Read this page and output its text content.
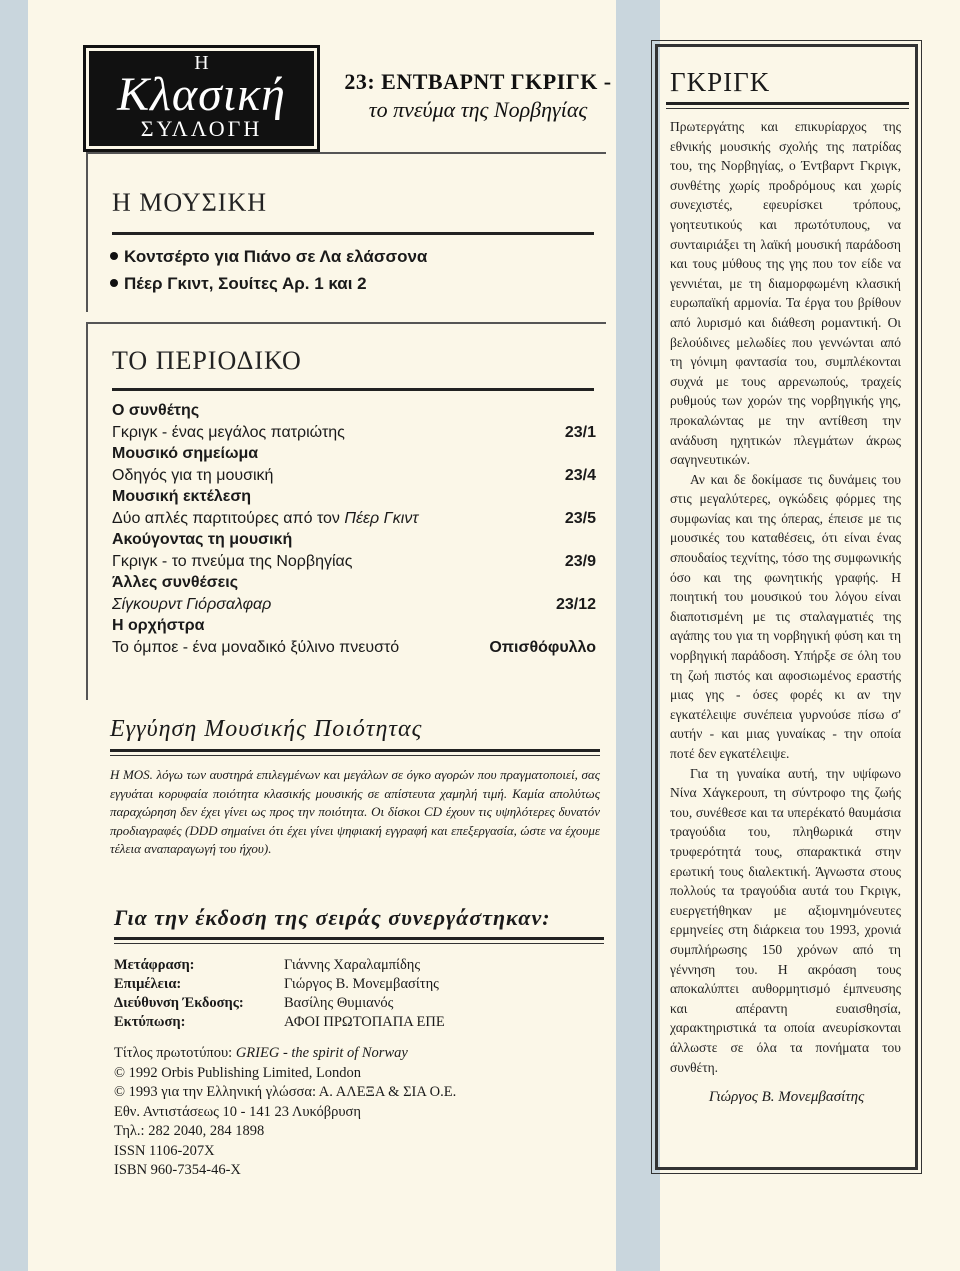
Η
Κλασική
ΣΥΛΛΟΓΗ
23: ΕΝΤΒΑΡΝΤ ΓΚΡΙΓΚ -
το πνεύμα της Νορβηγίας
Η ΜΟΥΣΙΚΗ
Κοντσέρτο για Πιάνο σε Λα ελάσσονα
Πέερ Γκιντ, Σουίτες Αρ. 1 και 2
ΤΟ ΠΕΡΙΟΔΙΚΟ
Ο συνθέτης
Γκριγκ - ένας μεγάλος πατριώτης	23/1
Μουσικό σημείωμα
Οδηγός για τη μουσική	23/4
Μουσική εκτέλεση
Δύο απλές παρτιτούρες από τον Πέερ Γκιντ	23/5
Ακούγοντας τη μουσική
Γκριγκ - το πνεύμα της Νορβηγίας	23/9
Άλλες συνθέσεις
Σίγκουρντ Γιόρσαλφαρ	23/12
Η ορχήστρα
Το όμποε - ένα μοναδικό ξύλινο πνευστό	Οπισθόφυλλο
Εγγύηση Μουσικής Ποιότητας

Η MOS. λόγω των αυστηρά επιλεγμένων και μεγάλων σε όγκο αγορών που πραγματοποιεί, σας εγγυάται κορυφαία ποιότητα κλασικής μουσικής σε απίστευτα χαμηλή τιμή. Καμία απολύτως παραχώρηση δεν έχει γίνει ως προς την ποιότητα. Οι δίσκοι CD έχουν τις υψηλότερες δυνατόν προδιαγραφές (DDD σημαίνει ότι έχει γίνει ψηφιακή εγγραφή και επεξεργασία, ώστε να έχουμε τέλεια αναπαραγωγή του ήχου).

Για την έκδοση της σειράς συνεργάστηκαν:
Μετάφραση:	Γιάννης Χαραλαμπίδης
Επιμέλεια:	Γιώργος Β. Μονεμβασίτης
Διεύθυνση Έκδοσης:	Βασίλης Θυμιανός
Εκτύπωση:	ΑΦΟΙ ΠΡΩΤΟΠΑΠΑ ΕΠΕ
Τίτλος πρωτοτύπου: GRIEG - the spirit of Norway
© 1992 Orbis Publishing Limited, London
© 1993 για την Ελληνική γλώσσα: Α. ΑΛΕΞΑ & ΣΙΑ Ο.Ε.
Εθν. Αντιστάσεως 10 - 141 23 Λυκόβρυση
Τηλ.: 282 2040, 284 1898
ISSN 1106-207X
ISBN 960-7354-46-X
ΓΚΡΙΓΚ

Πρωτεργάτης και επικυρίαρχος της εθνικής μουσικής σχολής της πατρίδας του, της Νορβηγίας, ο Έντβαρντ Γκριγκ, συνθέτης χωρίς προδρόμους και χωρίς συνεχιστές, εφευρίσκει τρόπους, γοητευτικούς και πρωτότυπους, να συνταιριάξει τη λαϊκή μουσική παράδοση και τους μύθους της γης που τον είδε να γεννιέται, με τη διαμορφωμένη κλασική ευρωπαϊκή αρμονία. Τα έργα του βρίθουν από λυρισμό και διάθεση ρομαντική. Οι βελούδινες μελωδίες που γεννώνται από τη γόνιμη φαντασία του, συμπλέκονται συχνά με τους αρρενωπούς, τραχείς ρυθμούς των χορών της νορβηγικής γης, προκαλώντας με την αντίθεση την ανάδυση ηχητικών πλεγμάτων άκρως σαγηνευτικών.

Αν και δε δοκίμασε τις δυνάμεις του στις μεγαλύτερες, ογκώδεις φόρμες της συμφωνίας και της όπερας, έπεισε με τις μουσικές του καταθέσεις, ότι είναι ένας σπουδαίος τεχνίτης, τόσο της συμφωνικής όσο και της φωνητικής γραφής. Η ποιητική του μουσικού του λόγου είναι διαποτισμένη με τις σταλαγματιές της αγάπης του για τη νορβηγική φύση και τη νορβηγική παράδοση. Υπήρξε σε όλη του τη ζωή πιστός και αφοσιωμένος εραστής μιας γης - όσες φορές κι αν την εγκατέλειψε συνέπεια γυρνούσε πίσω σ' αυτήν - και μιας γυναίκας - την οποία ποτέ δεν εγκατέλειψε.

Για τη γυναίκα αυτή, την υψίφωνο Νίνα Χάγκερουπ, τη σύντροφο της ζωής του, συνέθεσε και τα υπερέκατό θαυμάσια τραγούδια του, πληθωρικά στην τρυφερότητά τους, σπαρακτικά στην ερωτική τους διαλεκτική. Άγνωστα στους πολλούς τα τραγούδια αυτά του Γκριγκ, ευεργετήθηκαν με αξιομνημόνευτες ερμηνείες στη διάρκεια του 1993, χρονιά συμπλήρωσης 150 χρόνων από τη γέννηση του. Η ακρόαση τους αποκαλύπτει αυθορμητισμό έμπνευσης και απέραντη ευαισθησία, χαρακτηριστικά τα οποία ανευρίσκονται άλλωστε σε όλα τα πονήματα του συνθέτη.

Γιώργος Β. Μονεμβασίτης
